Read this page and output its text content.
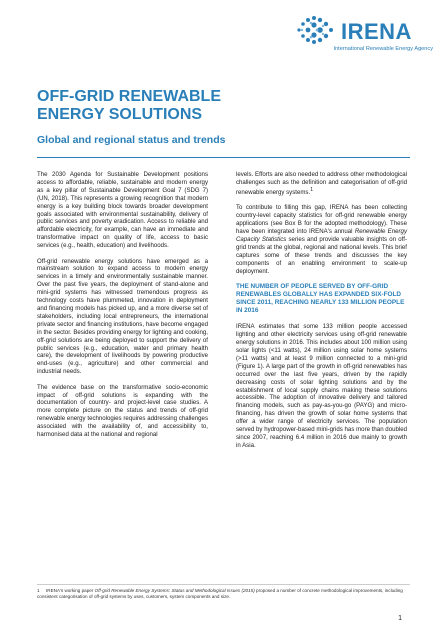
IRENA
International Renewable Energy Agency
OFF-GRID RENEWABLE
ENERGY SOLUTIONS
Global and regional status and trends

The 2030 Agenda for Sustainable Development positions access to affordable, reliable, sustainable and modern energy as a key pillar of Sustainable Development Goal 7 (SDG 7) (UN, 2018). This represents a growing recognition that modern energy is a key building block towards broader development goals associated with environmental sustainability, delivery of public services and poverty eradication. Access to reliable and affordable electricity, for example, can have an immediate and transformative impact on quality of life, access to basic services (e.g., health, education) and livelihoods.

Off-grid renewable energy solutions have emerged as a mainstream solution to expand access to modern energy services in a timely and environmentally sustainable manner. Over the past five years, the deployment of stand-alone and mini-grid systems has witnessed tremendous progress as technology costs have plummeted, innovation in deployment and financing models has picked up, and a more diverse set of stakeholders, including local entrepreneurs, the international private sector and financing institutions, have become engaged in the sector. Besides providing energy for lighting and cooking, off-grid solutions are being deployed to support the delivery of public services (e.g., education, water and primary health care), the development of livelihoods by powering productive end-uses (e.g., agriculture) and other commercial and industrial needs.

The evidence base on the transformative socio-economic impact of off-grid solutions is expanding with the documentation of country- and project-level case studies. A more complete picture on the status and trends of off-grid renewable energy technologies requires addressing challenges associated with the availability of, and accessibility to, harmonised data at the national and regional

levels. Efforts are also needed to address other methodological challenges such as the definition and categorisation of off-grid renewable energy systems.$^1$

To contribute to filling this gap, IRENA has been collecting country-level capacity statistics for off-grid renewable energy applications (see Box B for the adopted methodology). These have been integrated into IRENA's annual Renewable Energy Capacity Statistics series and provide valuable insights on off-grid trends at the global, regional and national levels. This brief captures some of these trends and discusses the key components of an enabling environment to scale-up deployment.

THE NUMBER OF PEOPLE SERVED BY OFF-GRID RENEWABLES GLOBALLY HAS EXPANDED SIX-FOLD SINCE 2011, REACHING NEARLY 133 MILLION PEOPLE IN 2016

IRENA estimates that some 133 million people accessed lighting and other electricity services using off-grid renewable energy solutions in 2016. This includes about 100 million using solar lights (<11 watts), 24 million using solar home systems (>11 watts) and at least 9 million connected to a mini-grid (Figure 1). A large part of the growth in off-grid renewables has occurred over the last five years, driven by the rapidly decreasing costs of solar lighting solutions and by the establishment of local supply chains making these solutions accessible. The adoption of innovative delivery and tailored financing models, such as pay-as-you-go (PAYG) and micro-financing, has driven the growth of solar home systems that offer a wider range of electricity services. The population served by hydropower-based mini-grids has more than doubled since 2007, reaching 6.4 million in 2016 due mainly to growth in Asia.

1 IRENA's working paper Off-grid Renewable Energy Systems: Status and Methodological Issues (2015) proposed a number of concrete methodological improvements, including consistent categorisation of off-grid systems by uses, customers, system components and size.
1
